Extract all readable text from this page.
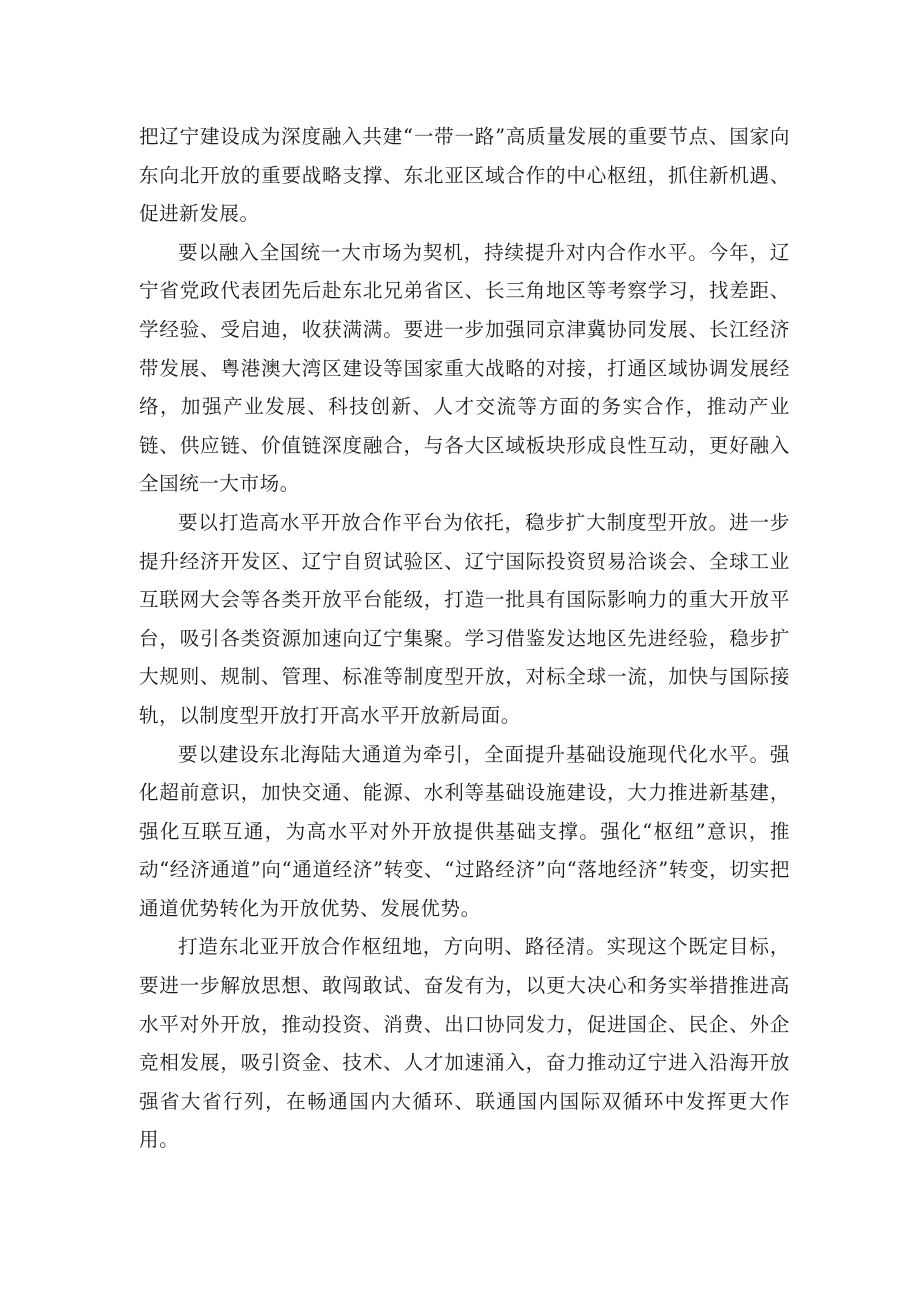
把辽宁建设成为深度融入共建“一带一路”高质量发展的重要节点、国家向东向北开放的重要战略支撑、东北亚区域合作的中心枢纽，抓住新机遇、促进新发展。

要以融入全国统一大市场为契机，持续提升对内合作水平。今年，辽宁省党政代表团先后赴东北兄弟省区、长三角地区等考察学习，找差距、学经验、受启迪，收获满满。要进一步加强同京津冀协同发展、长江经济带发展、粤港澳大湾区建设等国家重大战略的对接，打通区域协调发展经络，加强产业发展、科技创新、人才交流等方面的务实合作，推动产业链、供应链、价值链深度融合，与各大区域板块形成良性互动，更好融入全国统一大市场。

要以打造高水平开放合作平台为依托，稳步扩大制度型开放。进一步提升经济开发区、辽宁自贸试验区、辽宁国际投资贸易洽谈会、全球工业互联网大会等各类开放平台能级，打造一批具有国际影响力的重大开放平台，吸引各类资源加速向辽宁集聚。学习借鉴发达地区先进经验，稳步扩大规则、规制、管理、标准等制度型开放，对标全球一流，加快与国际接轨，以制度型开放打开高水平开放新局面。

要以建设东北海陆大通道为牵引，全面提升基础设施现代化水平。强化超前意识，加快交通、能源、水利等基础设施建设，大力推进新基建，强化互联互通，为高水平对外开放提供基础支撑。强化“枢纽”意识，推动“经济通道”向“通道经济”转变、“过路经济”向“落地经济”转变，切实把通道优势转化为开放优势、发展优势。

打造东北亚开放合作枢纽地，方向明、路径清。实现这个既定目标，要进一步解放思想、敢闯敢试、奋发有为，以更大决心和务实举措推进高水平对外开放，推动投资、消费、出口协同发力，促进国企、民企、外企竞相发展，吸引资金、技术、人才加速涌入，奋力推动辽宁进入沿海开放强省大省行列，在畅通国内大循环、联通国内国际双循环中发挥更大作用。
